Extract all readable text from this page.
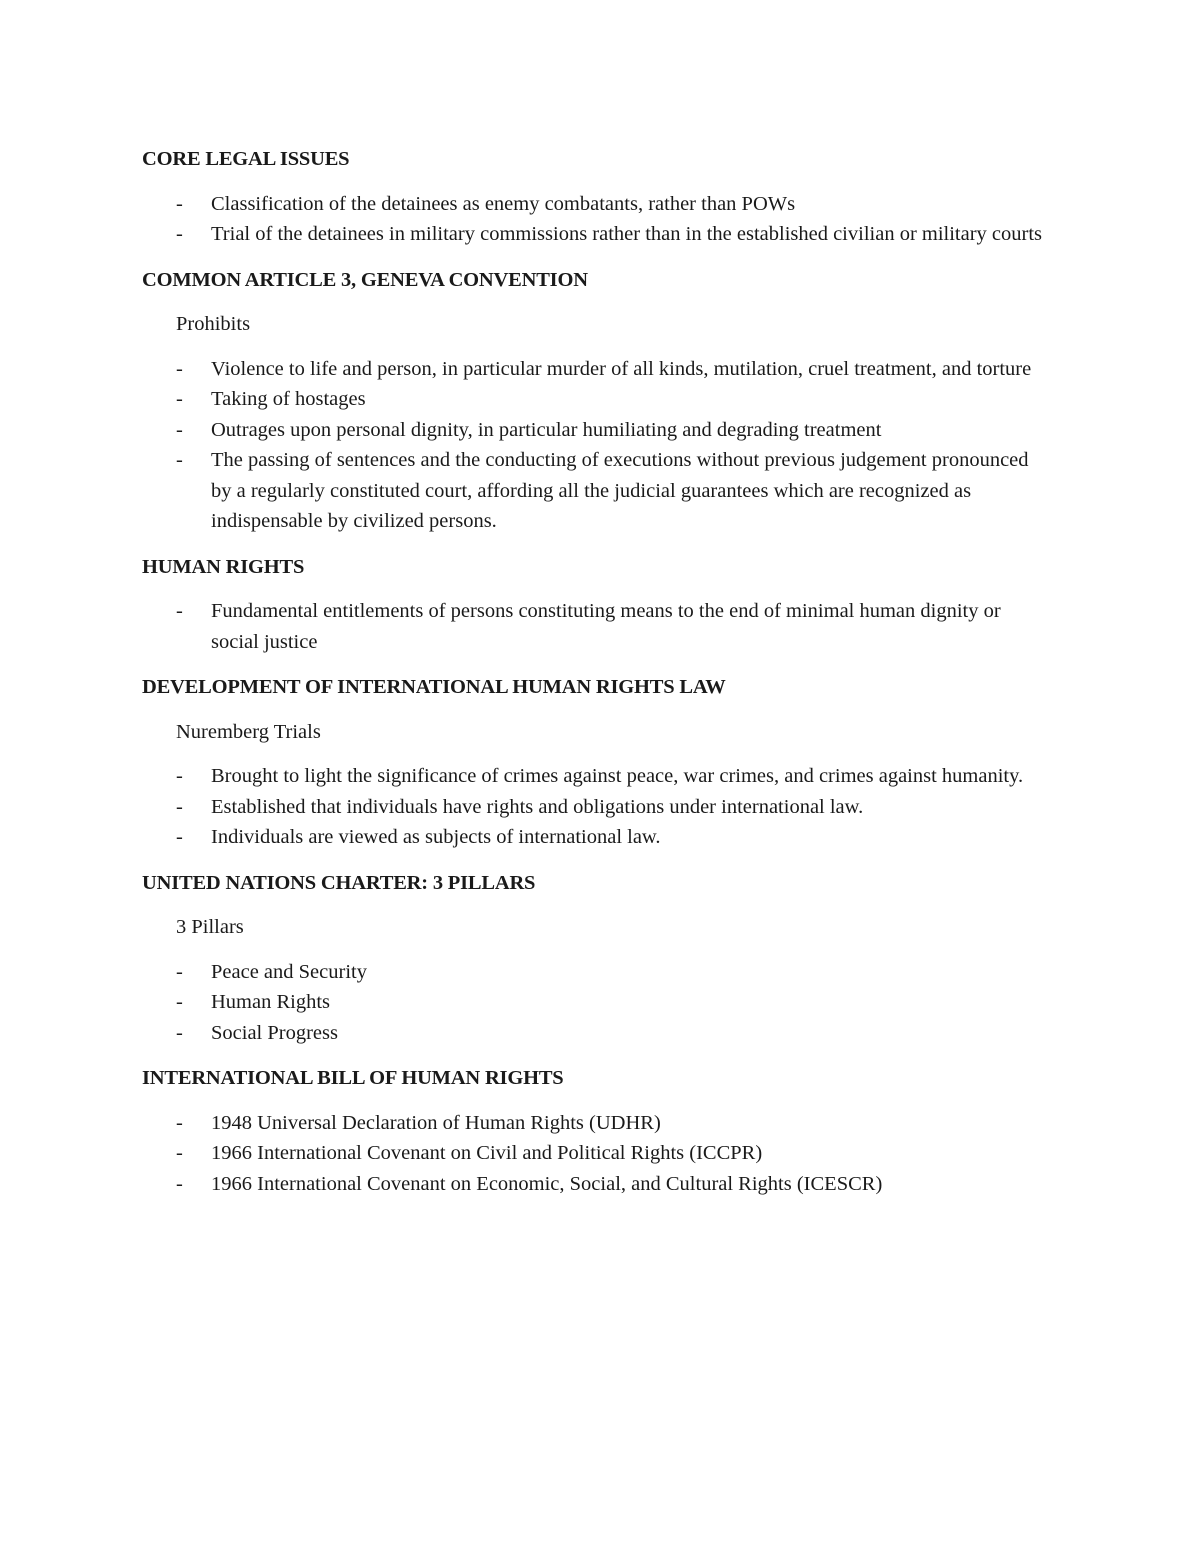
CORE LEGAL ISSUES

- Classification of the detainees as enemy combatants, rather than POWs
- Trial of the detainees in military commissions rather than in the established civilian or military courts

COMMON ARTICLE 3, GENEVA CONVENTION

Prohibits

- Violence to life and person, in particular murder of all kinds, mutilation, cruel treatment, and torture
- Taking of hostages
- Outrages upon personal dignity, in particular humiliating and degrading treatment
- The passing of sentences and the conducting of executions without previous judgement pronounced by a regularly constituted court, affording all the judicial guarantees which are recognized as indispensable by civilized persons.

HUMAN RIGHTS

- Fundamental entitlements of persons constituting means to the end of minimal human dignity or social justice

DEVELOPMENT OF INTERNATIONAL HUMAN RIGHTS LAW

Nuremberg Trials

- Brought to light the significance of crimes against peace, war crimes, and crimes against humanity.
- Established that individuals have rights and obligations under international law.
- Individuals are viewed as subjects of international law.

UNITED NATIONS CHARTER: 3 PILLARS

3 Pillars

- Peace and Security
- Human Rights
- Social Progress

INTERNATIONAL BILL OF HUMAN RIGHTS

- 1948 Universal Declaration of Human Rights (UDHR)
- 1966 International Covenant on Civil and Political Rights (ICCPR)
- 1966 International Covenant on Economic, Social, and Cultural Rights (ICESCR)
